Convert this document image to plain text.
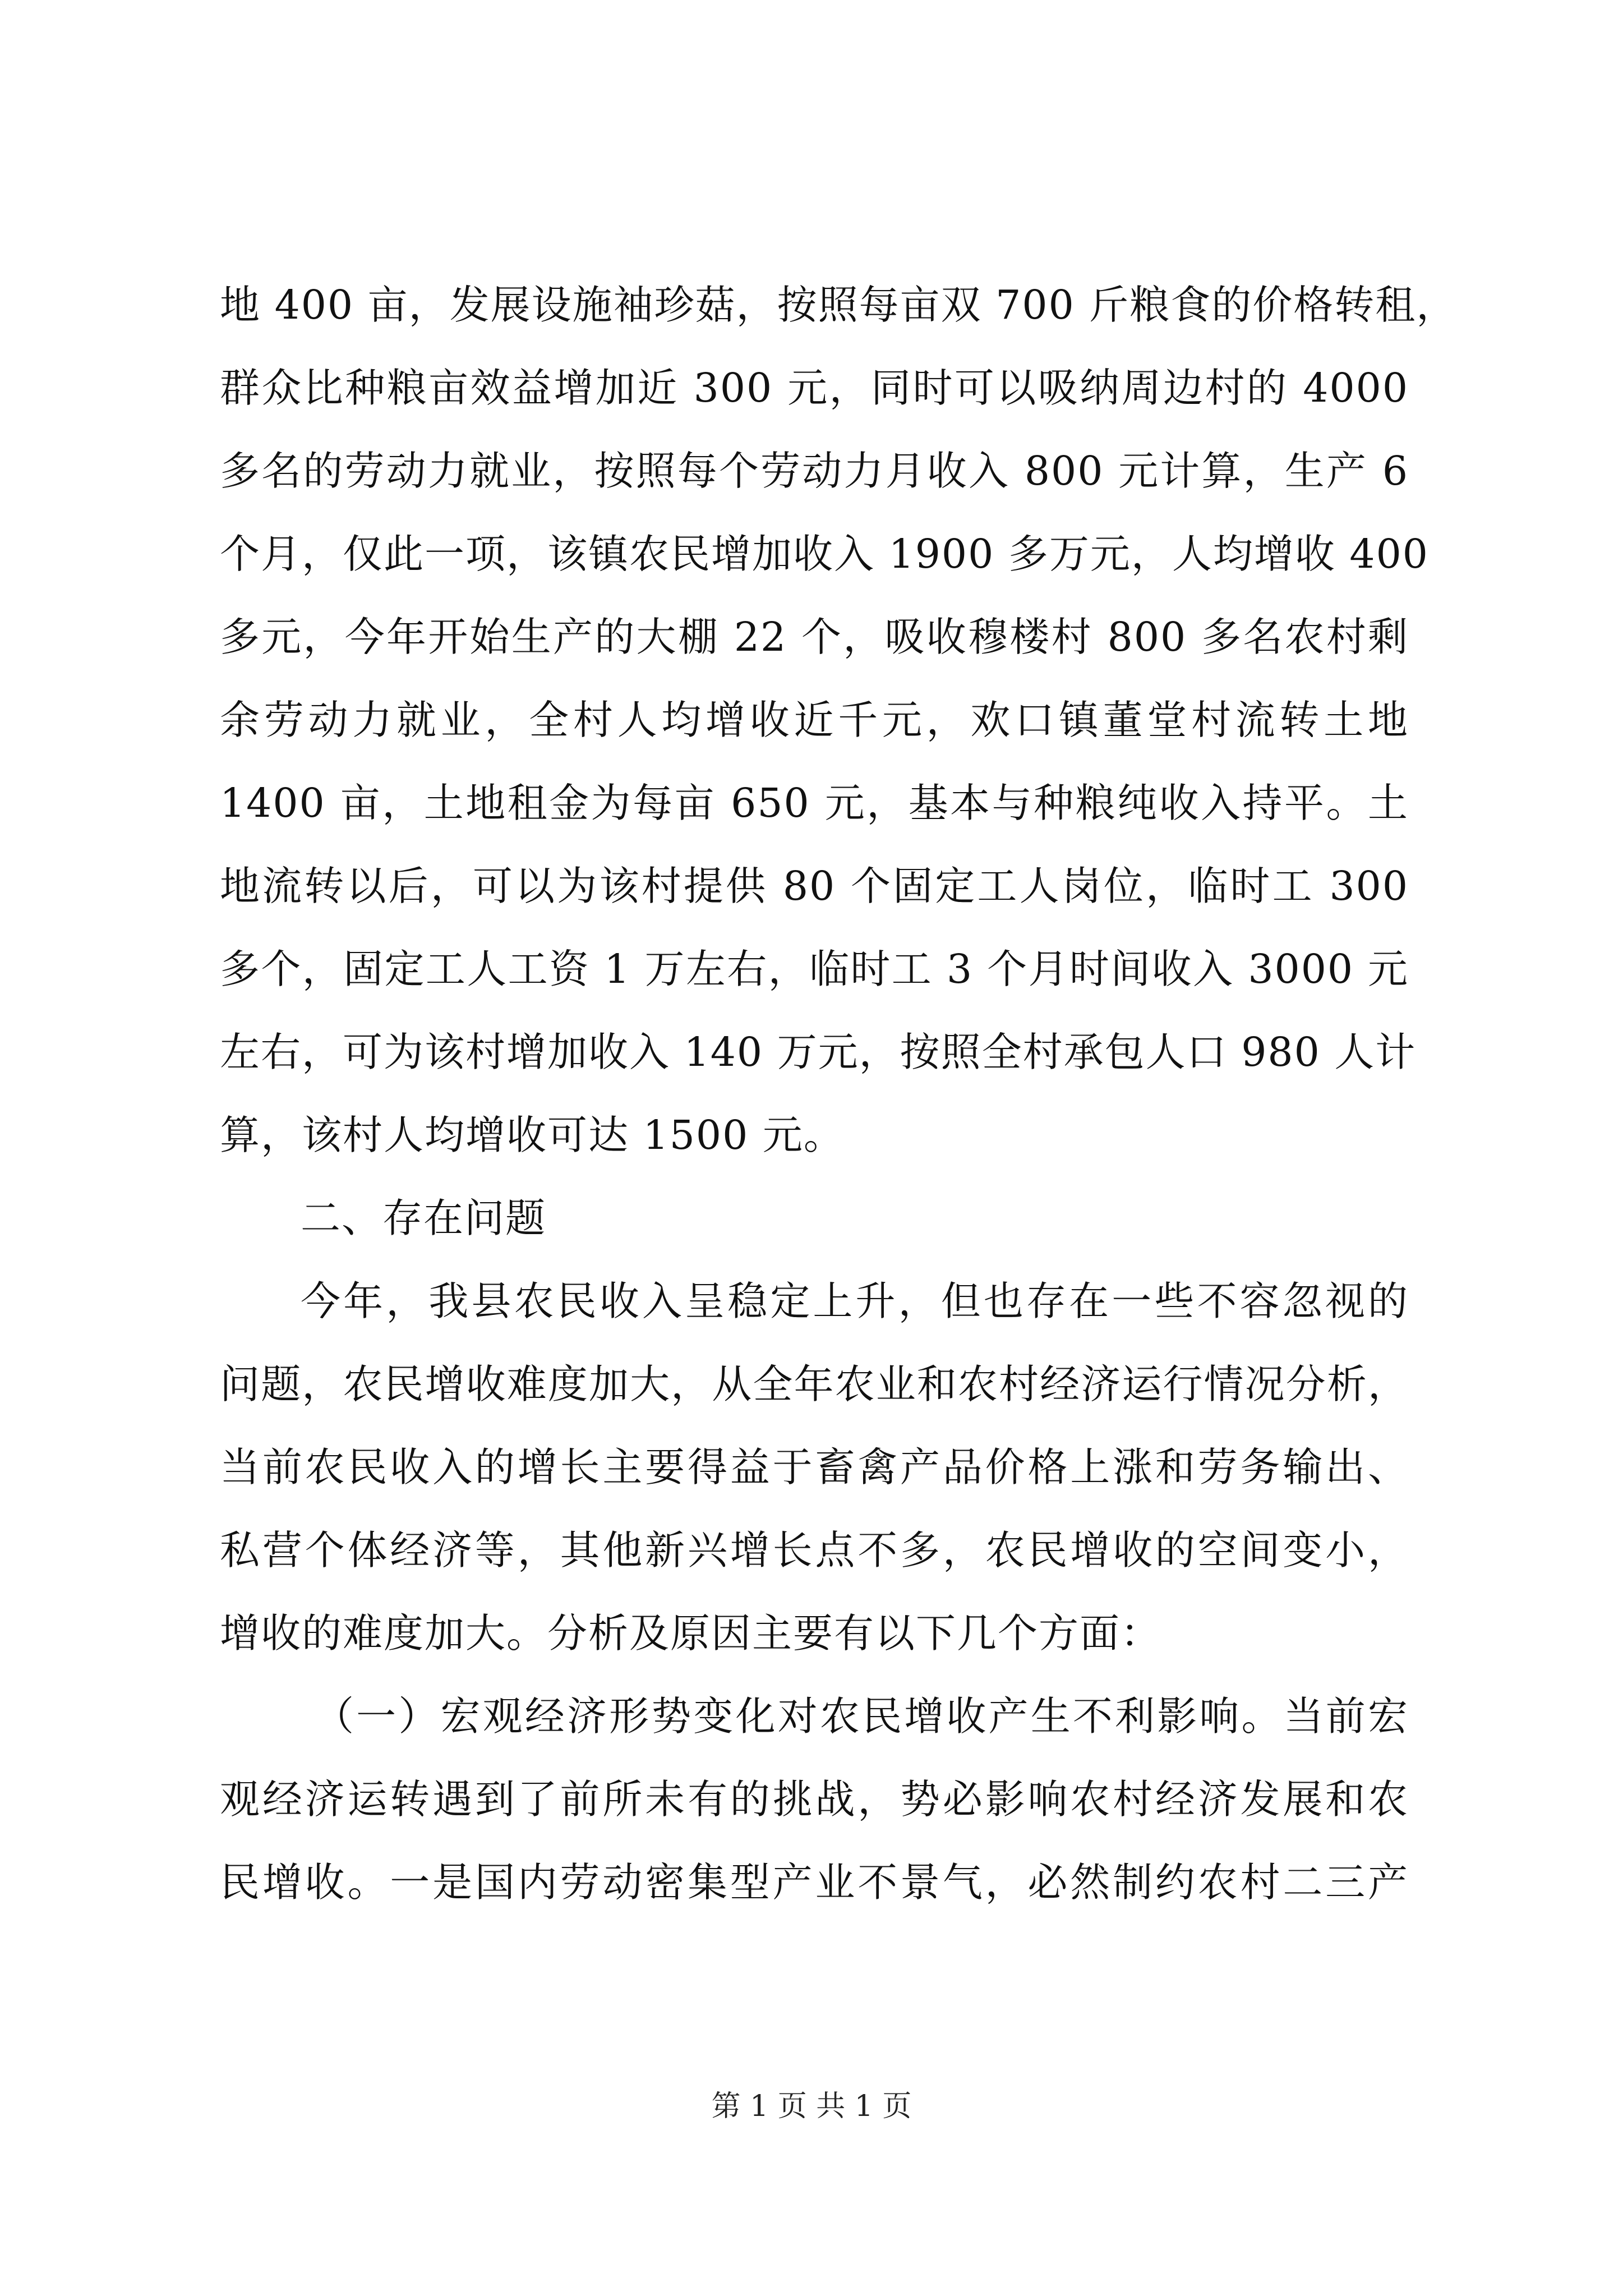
地 400 亩，发展设施袖珍菇，按照每亩双 700 斤粮食的价格转租，
群众比种粮亩效益增加近 300 元，同时可以吸纳周边村的 4000
多名的劳动力就业，按照每个劳动力月收入 800 元计算，生产 6
个月，仅此一项，该镇农民增加收入 1900 多万元，人均增收 400
多元，今年开始生产的大棚 22 个，吸收穆楼村 800 多名农村剩
余劳动力就业，全村人均增收近千元，欢口镇董堂村流转土地
1400 亩，土地租金为每亩 650 元，基本与种粮纯收入持平。土
地流转以后，可以为该村提供 80 个固定工人岗位，临时工 300
多个，固定工人工资 1 万左右，临时工 3 个月时间收入 3000 元
左右，可为该村增加收入 140 万元，按照全村承包人口 980 人计
算，该村人均增收可达 1500 元。
二、存在问题
今年，我县农民收入呈稳定上升，但也存在一些不容忽视的
问题，农民增收难度加大，从全年农业和农村经济运行情况分析，
当前农民收入的增长主要得益于畜禽产品价格上涨和劳务输出、
私营个体经济等，其他新兴增长点不多，农民增收的空间变小，
增收的难度加大。分析及原因主要有以下几个方面：
（一）宏观经济形势变化对农民增收产生不利影响。当前宏
观经济运转遇到了前所未有的挑战，势必影响农村经济发展和农
民增收。一是国内劳动密集型产业不景气，必然制约农村二三产
第 1 页 共 1 页
